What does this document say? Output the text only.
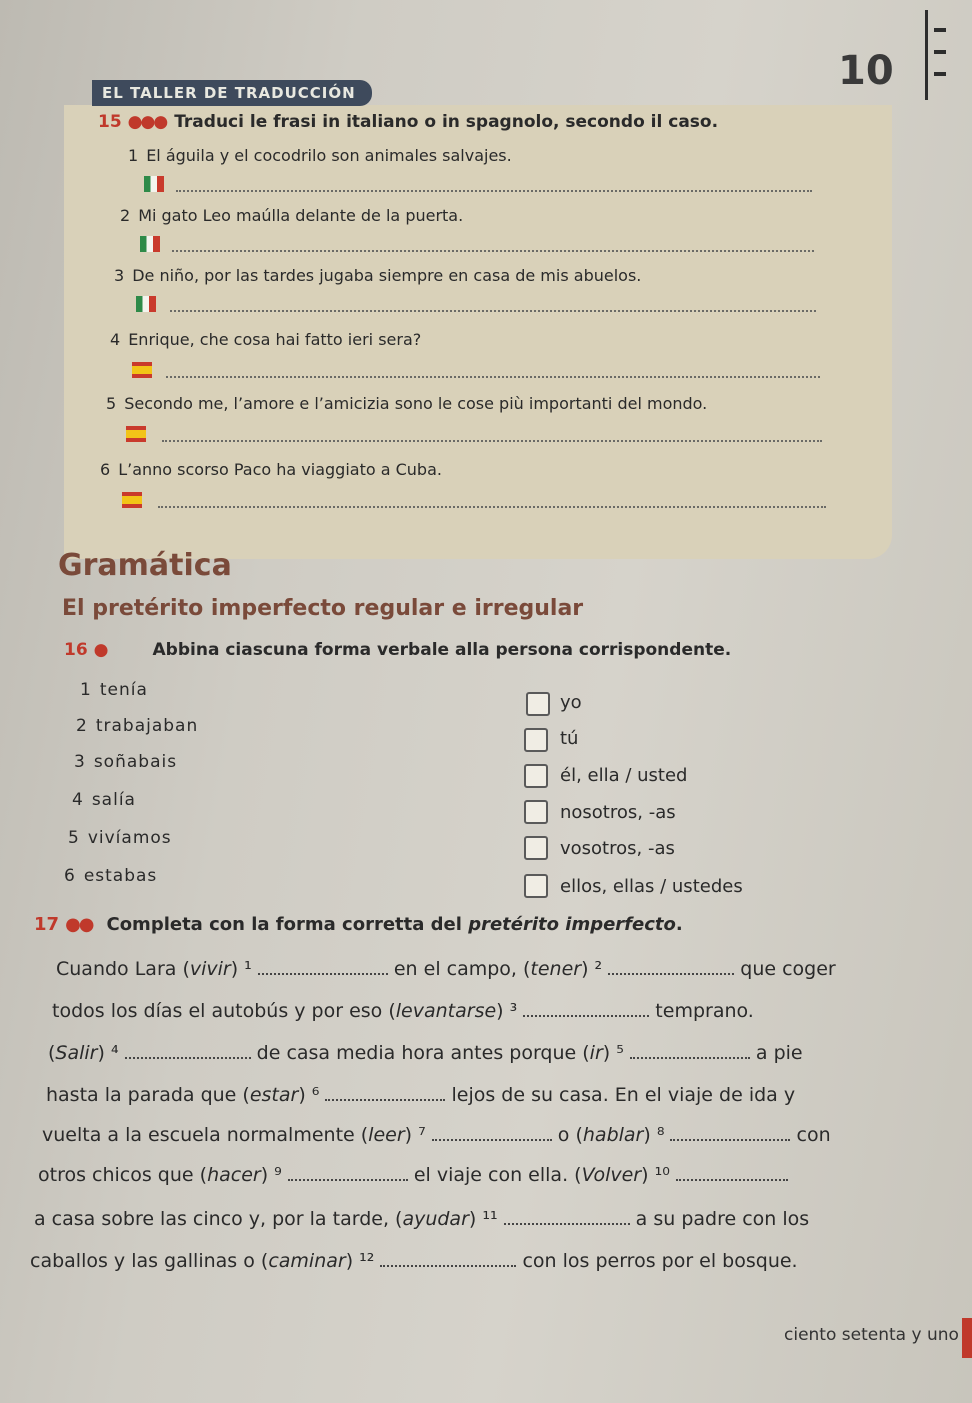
10
EL TALLER DE TRADUCCIÓN
15 ●●● Traduci le frasi in italiano o in spagnolo, secondo il caso.
1 El águila y el cocodrilo son animales salvajes.
2 Mi gato Leo maúlla delante de la puerta.
3 De niño, por las tardes jugaba siempre en casa de mis abuelos.
4 Enrique, che cosa hai fatto ieri sera?
5 Secondo me, l’amore e l’amicizia sono le cose più importanti del mondo.
6 L’anno scorso Paco ha viaggiato a Cuba.
Gramática
El pretérito imperfecto regular e irregular
16 ●	Abbina ciascuna forma verbale alla persona corrispondente.
1 tenía
2 trabajaban
3 soñabais
4 salía
5 vivíamos
6 estabas
yo
tú
él, ella / usted
nosotros, -as
vosotros, -as
ellos, ellas / ustedes
17 ●● Completa con la forma corretta del pretérito imperfecto.
Cuando Lara (vivir) ¹	en el campo, (tener) ²	que coger
todos los días el autobús y por eso (levantarse) ³	temprano.
(Salir) ⁴	de casa media hora antes porque (ir) ⁵	a pie
hasta la parada que (estar) ⁶	lejos de su casa. En el viaje de ida y
vuelta a la escuela normalmente (leer) ⁷	o (hablar) ⁸	con
otros chicos que (hacer) ⁹	el viaje con ella. (Volver) ¹⁰
a casa sobre las cinco y, por la tarde, (ayudar) ¹¹	a su padre con los
caballos y las gallinas o (caminar) ¹²	con los perros por el bosque.
ciento setenta y uno
